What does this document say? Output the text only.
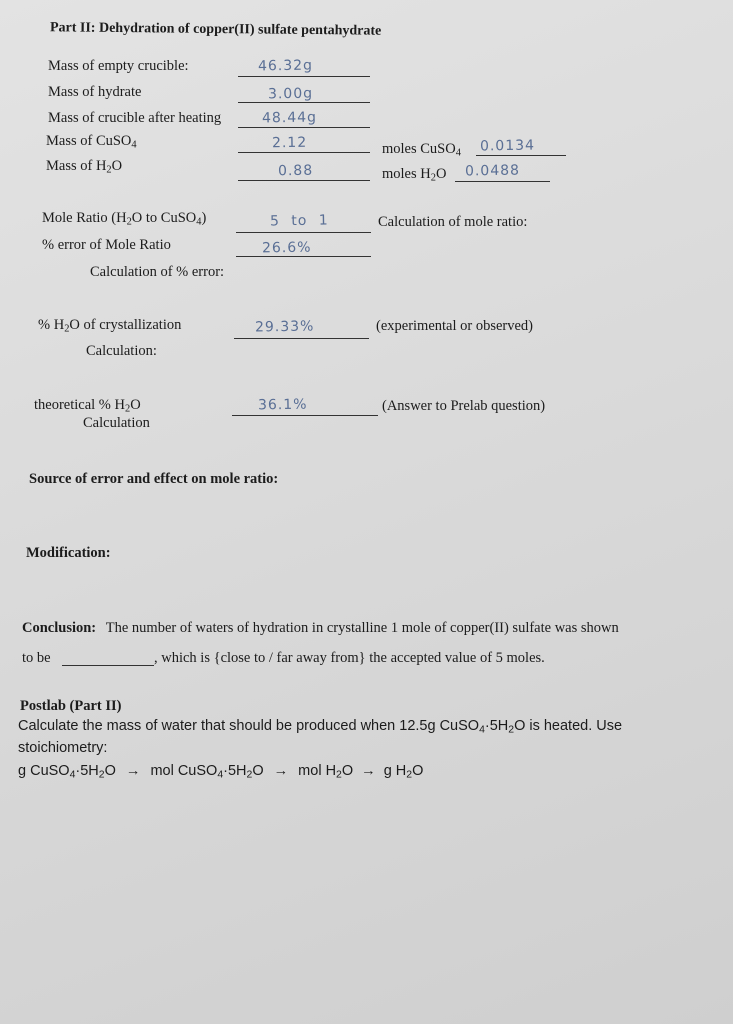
Part II: Dehydration of copper(II) sulfate pentahydrate
Mass of empty crucible:	46.32g
Mass of hydrate	3.00g
Mass of crucible after heating	48.44g
Mass of CuSO$_4$	2.12	moles CuSO$_4$ 0.0134
Mass of $H_2O$	0.88	moles $H_2O$ 0.0488
Mole Ratio ($H_2O$ to CuSO$_4$)	5 to 1	Calculation of mole ratio:
% error of Mole Ratio	26.6%
Calculation of % error:
% $H_2O$ of crystallization	29.33%	(experimental or observed)
Calculation:
theoretical % $H_2O$	36.1%	(Answer to Prelab question)
Calculation
Source of error and effect on mole ratio:
Modification:
Conclusion: The number of waters of hydration in crystalline 1 mole of copper(II) sulfate was shown
to be	, which is {close to / far away from} the accepted value of 5 moles.
Postlab (Part II)
Calculate the mass of water that should be produced when 12.5g $CuSO_4\cdot 5H_2O$ is heated. Use
stoichiometry:
g $CuSO_4\cdot 5H_2O$ → mol $CuSO_4\cdot 5H_2O$ → mol $H_2O \to g$ $H_2O$
